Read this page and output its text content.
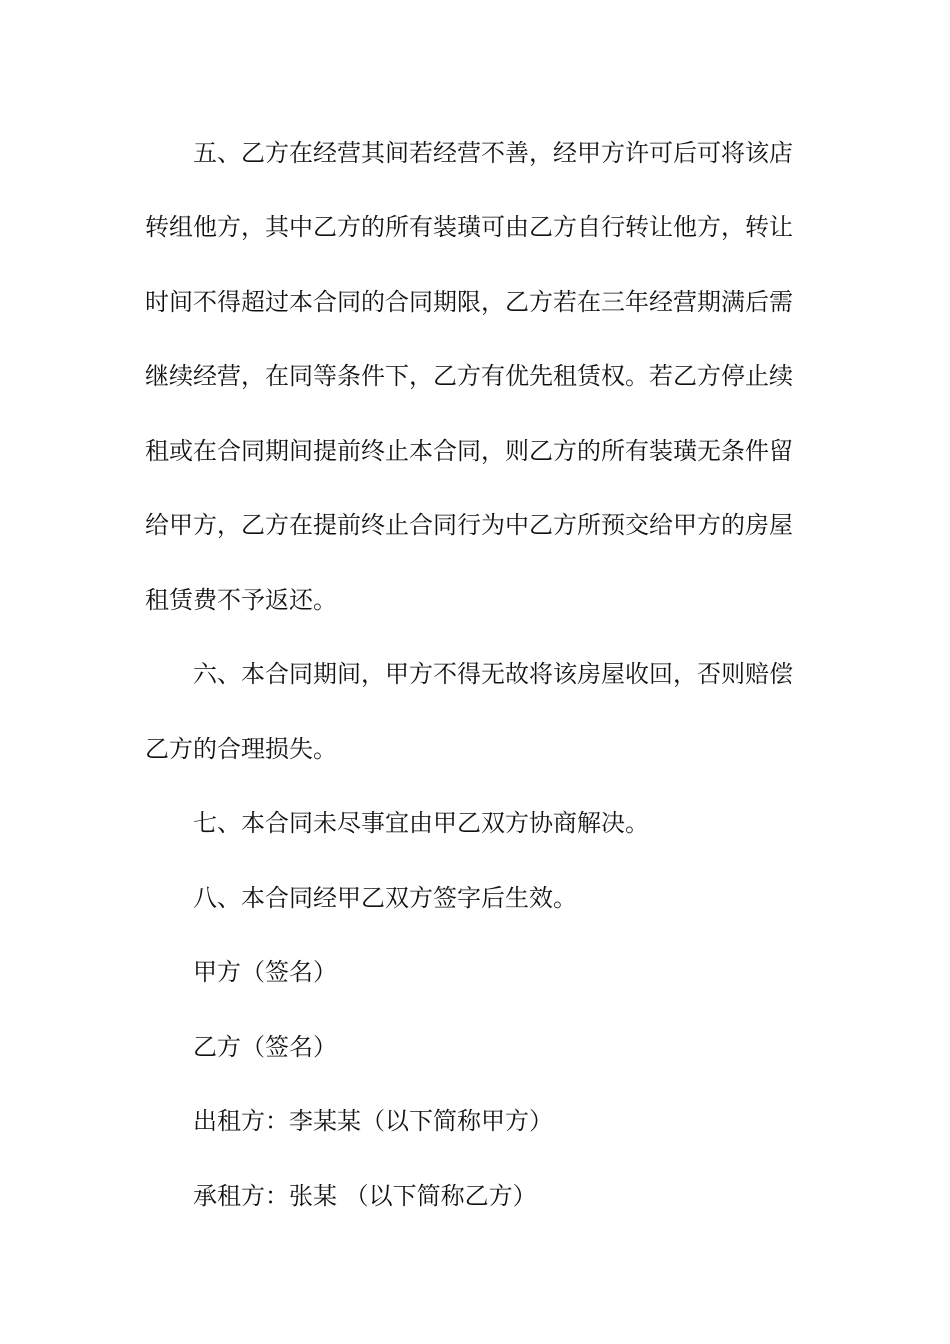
五、乙方在经营其间若经营不善，经甲方许可后可将该店
转组他方，其中乙方的所有装璜可由乙方自行转让他方，转让
时间不得超过本合同的合同期限，乙方若在三年经营期满后需
继续经营，在同等条件下，乙方有优先租赁权。若乙方停止续
租或在合同期间提前终止本合同，则乙方的所有装璜无条件留
给甲方，乙方在提前终止合同行为中乙方所预交给甲方的房屋
租赁费不予返还。
六、本合同期间，甲方不得无故将该房屋收回，否则赔偿
乙方的合理损失。
七、本合同未尽事宜由甲乙双方协商解决。
八、本合同经甲乙双方签字后生效。
甲方（签名）
乙方（签名）
出租方：李某某（以下简称甲方）
承租方：张某 （以下简称乙方）
